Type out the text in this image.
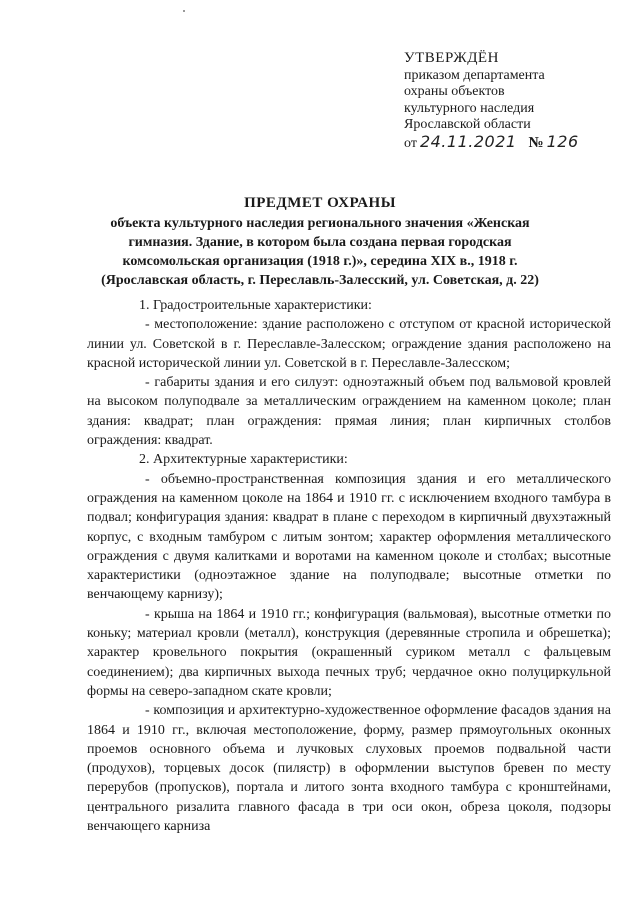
УТВЕРЖДЁН
приказом департамента
охраны объектов
культурного наследия
Ярославской области
от 24.11.2021 № 126
ПРЕДМЕТ ОХРАНЫ
объекта культурного наследия регионального значения «Женская гимназия. Здание, в котором была создана первая городская комсомольская организация (1918 г.)», середина XIX в., 1918 г. (Ярославская область, г. Переславль-Залесский, ул. Советская, д. 22)

1. Градостроительные характеристики:

- местоположение: здание расположено с отступом от красной исторической линии ул. Советской в г. Переславле-Залесском; ограждение здания расположено на красной исторической линии ул. Советской в г. Переславле-Залесском;

- габариты здания и его силуэт: одноэтажный объем под вальмовой кровлей на высоком полуподвале за металлическим ограждением на каменном цоколе; план здания: квадрат; план ограждения: прямая линия; план кирпичных столбов ограждения: квадрат.

2. Архитектурные характеристики:

- объемно-пространственная композиция здания и его металлического ограждения на каменном цоколе на 1864 и 1910 гг. с исключением входного тамбура в подвал; конфигурация здания: квадрат в плане с переходом в кирпичный двухэтажный корпус, с входным тамбуром с литым зонтом; характер оформления металлического ограждения с двумя калитками и воротами на каменном цоколе и столбах; высотные характеристики (одноэтажное здание на полуподвале; высотные отметки по венчающему карнизу);

- крыша на 1864 и 1910 гг.; конфигурация (вальмовая), высотные отметки по коньку; материал кровли (металл), конструкция (деревянные стропила и обрешетка); характер кровельного покрытия (окрашенный суриком металл с фальцевым соединением); два кирпичных выхода печных труб; чердачное окно полуциркульной формы на северо-западном скате кровли;

- композиция и архитектурно-художественное оформление фасадов здания на 1864 и 1910 гг., включая местоположение, форму, размер прямоугольных оконных проемов основного объема и лучковых слуховых проемов подвальной части (продухов), торцевых досок (пилястр) в оформлении выступов бревен по месту перерубов (пропусков), портала и литого зонта входного тамбура с кронштейнами, центрального ризалита главного фасада в три оси окон, обреза цоколя, подзоры венчающего карниза
